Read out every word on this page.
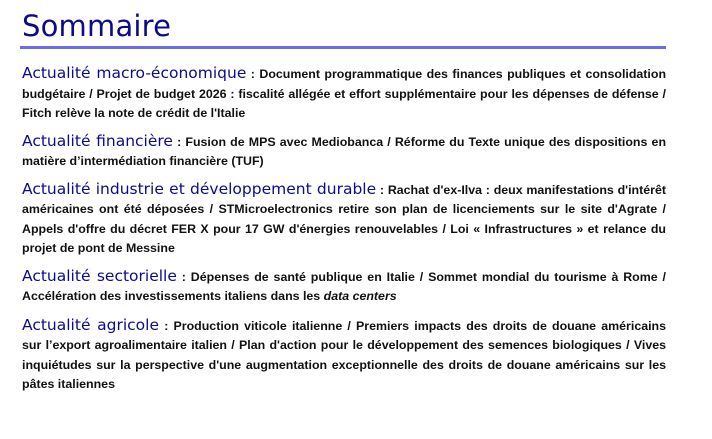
Sommaire

Actualité macro-économique : Document programmatique des finances publiques et consolidation budgétaire / Projet de budget 2026 : fiscalité allégée et effort supplémentaire pour les dépenses de défense / Fitch relève la note de crédit de l'Italie

Actualité financière : Fusion de MPS avec Mediobanca / Réforme du Texte unique des dispositions en matière d’intermédiation financière (TUF)

Actualité industrie et développement durable : Rachat d'ex-Ilva : deux manifestations d'intérêt américaines ont été déposées / STMicroelectronics retire son plan de licenciements sur le site d'Agrate / Appels d'offre du décret FER X pour 17 GW d'énergies renouvelables / Loi « Infrastructures » et relance du projet de pont de Messine

Actualité sectorielle : Dépenses de santé publique en Italie / Sommet mondial du tourisme à Rome / Accélération des investissements italiens dans les data centers

Actualité agricole : Production viticole italienne / Premiers impacts des droits de douane américains sur l’export agroalimentaire italien / Plan d'action pour le développement des semences biologiques / Vives inquiétudes sur la perspective d'une augmentation exceptionnelle des droits de douane américains sur les pâtes italiennes
